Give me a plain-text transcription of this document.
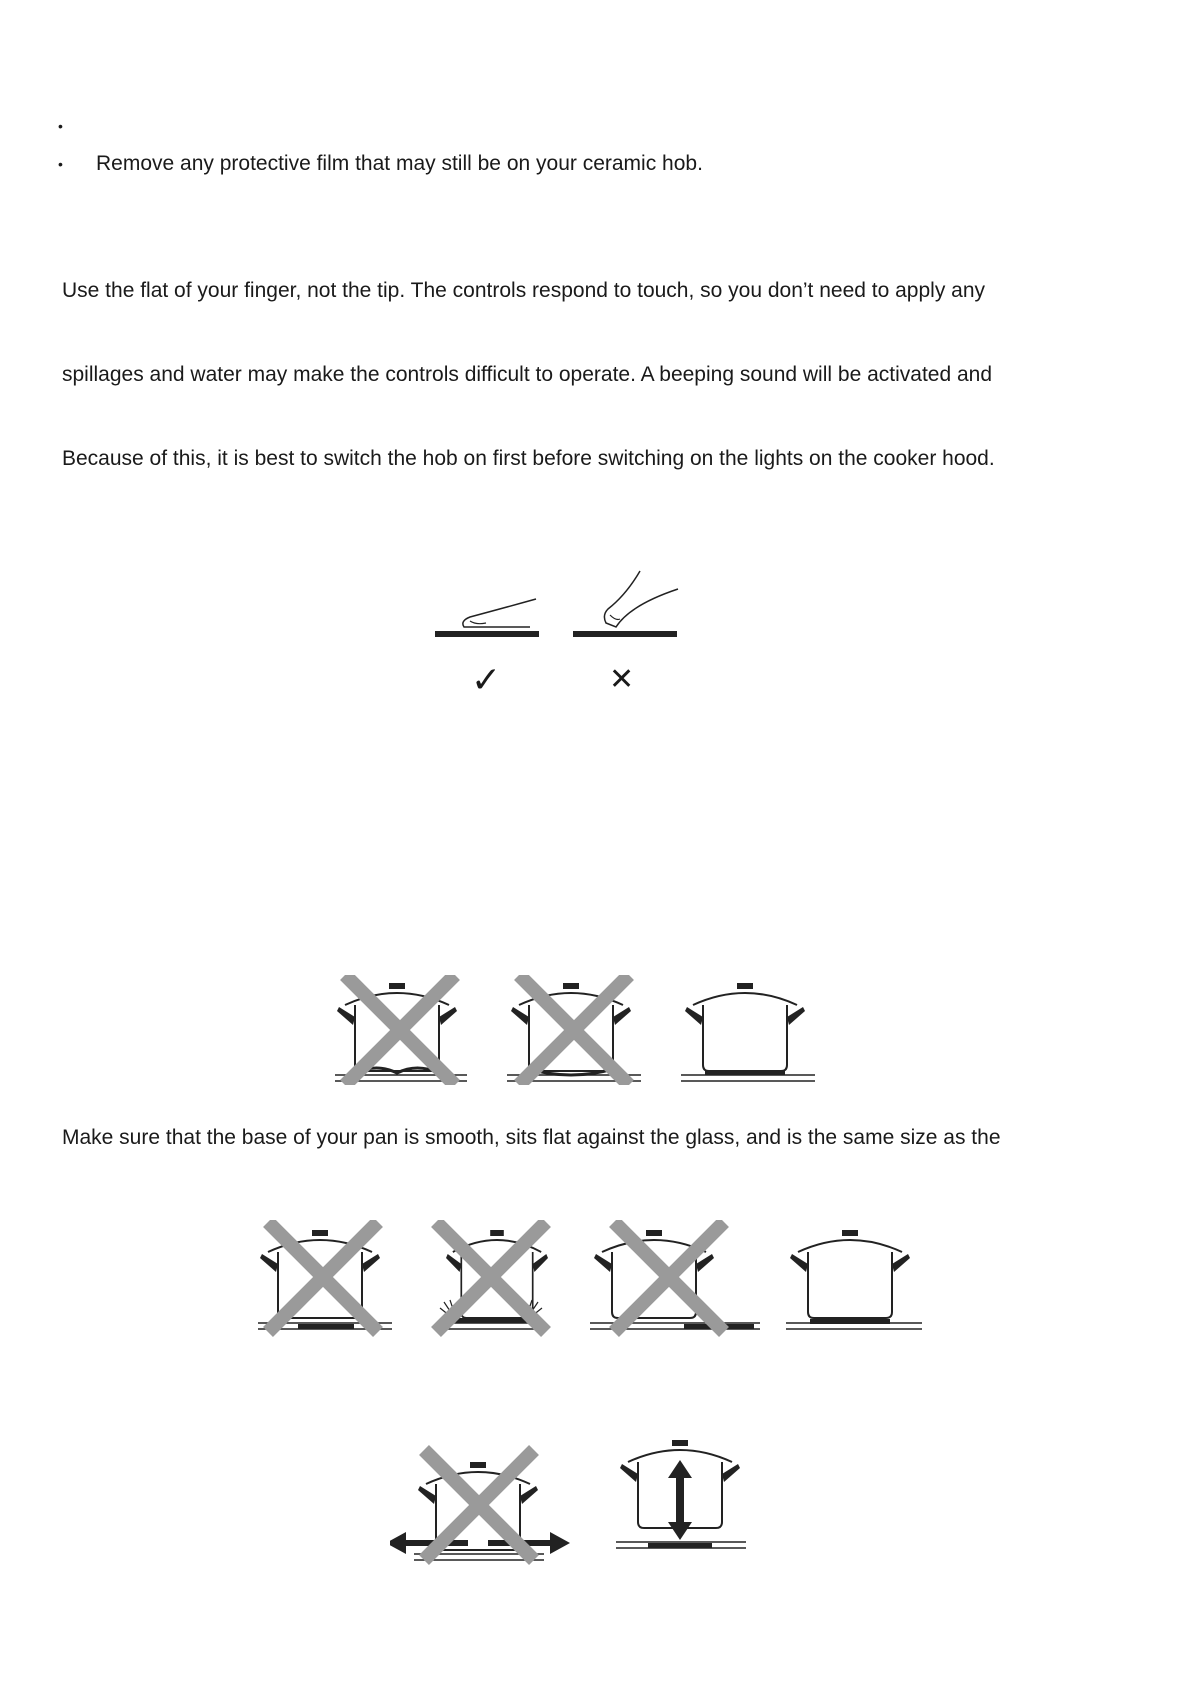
•
• Remove any protective film that may still be on your ceramic hob.
Use the flat of your finger, not the tip. The controls respond to touch, so you don’t need to apply any
spillages and water may make the controls difficult to operate. A beeping sound will be activated and
Because of this, it is best to switch the hob on first before switching on the lights on the cooker hood.
✓	✕
Make sure that the base of your pan is smooth, sits flat against the glass, and is the same size as the
